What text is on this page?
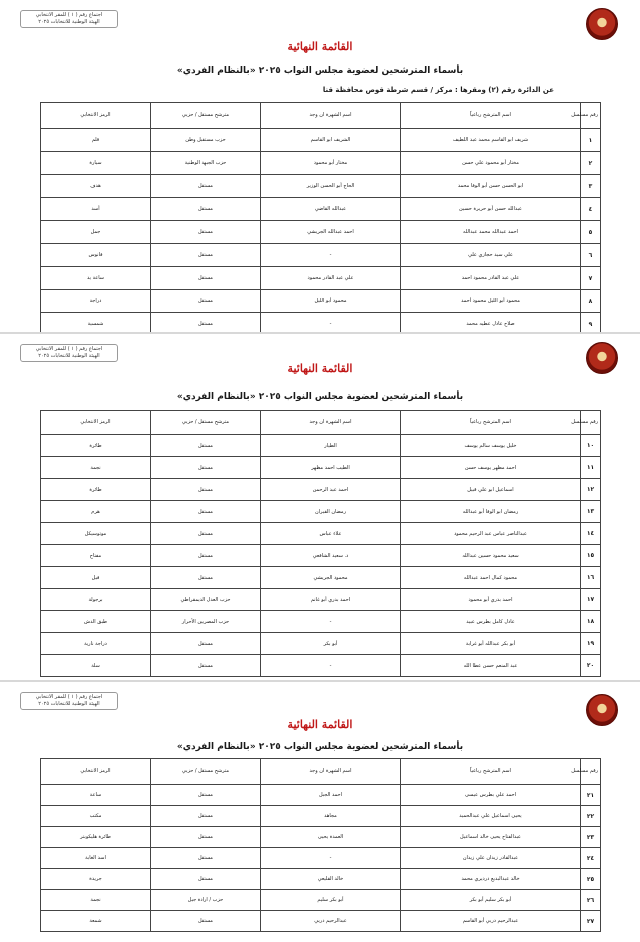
اجتماع رقم ( ١ ) للمقر الانتخابي
الهيئة الوطنية للانتخابات ٢٠٢٥
القائمة النهائية
بأسماء المترشحين لعضوية مجلس النواب ٢٠٢٥ «بالنظام الفردي»
عن الدائرة رقم (٢) ومقرها : مركز / قسم شرطة قوص محافظة قنا
رقم مسلسل	اسم المترشح رباعياً	اسم الشهرة ان وجد	مترشح مستقل / حزبي	الرمز الانتخابي
١	شريف ابو القاسم محمد عبد اللطيف	الشريف ابو القاسم	حزب مستقبل وطن	قلم
٢	مختار أبو محمود علي حسن	مختار أبو محمود	حزب الجبهة الوطنية	سيارة
٣	ابو الحسن حسن أبو الوفا محمد	الحاج أبو الحسن الوزير	مستقل	هدف
٤	عبدالله حسن أبو حريرة حسين	عبدالله القاضي	مستقل	أسد
٥	احمد عبدالله محمد عبدالله	احمد عبدالله الجريشي	مستقل	جمل
٦	علي سيد حجازي علي	-	مستقل	فانوس
٧	علي عبد القادر محمود احمد	علي عبد القادر محمود	مستقل	ساعة يد
٨	محمود أبو الليل محمود أحمد	محمود أبو الليل	مستقل	دراجة
٩	صلاح عادل عطيه محمد	-	مستقل	شمسية
اجتماع رقم ( ١ ) للمقر الانتخابي
الهيئة الوطنية للانتخابات ٢٠٢٥
القائمة النهائية
بأسماء المترشحين لعضوية مجلس النواب ٢٠٢٥ «بالنظام الفردي»
رقم مسلسل	اسم المترشح رباعياً	اسم الشهرة ان وجد	مترشح مستقل / حزبي	الرمز الانتخابي
١٠	خليل يوسف سالم يوسف	الطيار	مستقل	طائرة
١١	احمد مظهر يوسف حسن	الطيب احمد مظهر	مستقل	نجمة
١٢	اسماعيل ابو علي قبيل	احمد عبد الرحمن	مستقل	طائرة
١٣	رمضان ابو الوفا أبو عبدالله	رمضان القيران	مستقل	هرم
١٤	عبدالناصر عباس عبد الرحيم محمود	علاء عباس	مستقل	موتوسيكل
١٥	سعيد محمود حسين عبدالله	د. سعيد الشافعي	مستقل	مفتاح
١٦	محمود كمال احمد عبدالله	محمود الجريشي	مستقل	فيل
١٧	احمد بدري أبو محمود	احمد بدري أبو غانم	حزب العدل الديمقراطي	برجولة
١٨	عادل كامل بطرس عبيد	-	حزب المصريين الأحرار	طبق الدش
١٩	أبو بكر عبدالله أبو غرابة	أبو بكر	مستقل	دراجة نارية
٢٠	عبد المنعم حسن عطا الله	-	مستقل	سلة
اجتماع رقم ( ١ ) للمقر الانتخابي
الهيئة الوطنية للانتخابات ٢٠٢٥
القائمة النهائية
بأسماء المترشحين لعضوية مجلس النواب ٢٠٢٥ «بالنظام الفردي»
رقم مسلسل	اسم المترشح رباعياً	اسم الشهرة ان وجد	مترشح مستقل / حزبي	الرمز الانتخابي
٢١	احمد علي بطرس عيسى	احمد الجبل	مستقل	ساعة
٢٢	يحيى اسماعيل علي عبدالحميد	مجاهد	مستقل	مكتب
٢٣	عبدالفتاح يحيى خالد اسماعيل	العمدة يحيى	مستقل	طائرة هليكوبتر
٢٤	عبدالقادر زيدان علي زيدان	-	مستقل	اسد الغابة
٢٥	خالد عبدالبديع درديري محمد	خالد القليعي	مستقل	جريدة
٢٦	أبو بكر سليم أبو بكر	أبو بكر سليم	حزب / ارادة جيل	نجمة
٢٧	عبدالرحيم دربي أبو القاسم	عبدالرحيم دربي	مستقل	شمعة
